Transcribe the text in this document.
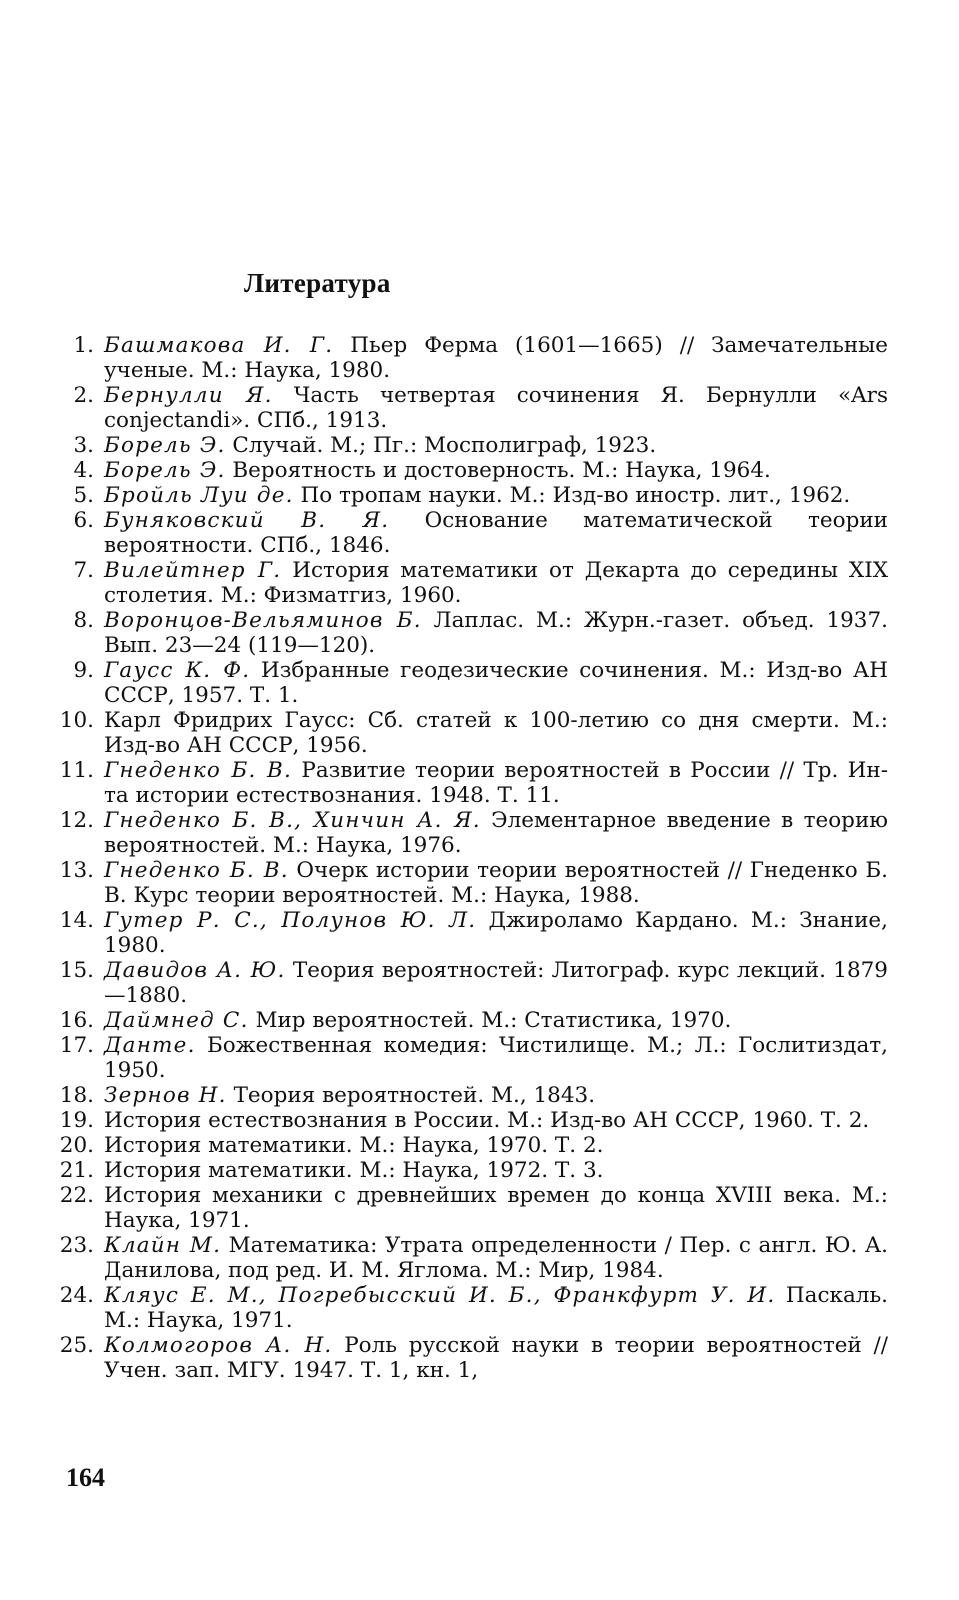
Литература
1. Башмакова И. Г. Пьер Ферма (1601—1665) // Замечательные ученые. М.: Наука, 1980.
2. Бернулли Я. Часть четвертая сочинения Я. Бернулли «Ars conjectandi». СПб., 1913.
3. Борель Э. Случай. М.; Пг.: Мосполиграф, 1923.
4. Борель Э. Вероятность и достоверность. М.: Наука, 1964.
5. Бройль Луи де. По тропам науки. М.: Изд-во иностр. лит., 1962.
6. Буняковский В. Я. Основание математической теории вероятности. СПб., 1846.
7. Вилейтнер Г. История математики от Декарта до середины XIX столетия. М.: Физматгиз, 1960.
8. Воронцов-Вельяминов Б. Лаплас. М.: Журн.-газет. объед. 1937. Вып. 23—24 (119—120).
9. Гаусс К. Ф. Избранные геодезические сочинения. М.: Изд-во АН СССР, 1957. Т. 1.
10. Карл Фридрих Гаусс: Сб. статей к 100-летию со дня смерти. М.: Изд-во АН СССР, 1956.
11. Гнеденко Б. В. Развитие теории вероятностей в России // Тр. Ин-та истории естествознания. 1948. Т. 11.
12. Гнеденко Б. В., Хинчин А. Я. Элементарное введение в теорию вероятностей. М.: Наука, 1976.
13. Гнеденко Б. В. Очерк истории теории вероятностей // Гнеденко Б. В. Курс теории вероятностей. М.: Наука, 1988.
14. Гутер Р. С., Полунов Ю. Л. Джироламо Кардано. М.: Знание, 1980.
15. Давидов А. Ю. Теория вероятностей: Литограф. курс лекций. 1879—1880.
16. Даймнед С. Мир вероятностей. М.: Статистика, 1970.
17. Данте. Божественная комедия: Чистилище. М.; Л.: Гослитиздат, 1950.
18. Зернов Н. Теория вероятностей. М., 1843.
19. История естествознания в России. М.: Изд-во АН СССР, 1960. Т. 2.
20. История математики. М.: Наука, 1970. Т. 2.
21. История математики. М.: Наука, 1972. Т. 3.
22. История механики с древнейших времен до конца XVIII века. М.: Наука, 1971.
23. Клайн М. Математика: Утрата определенности / Пер. с англ. Ю. А. Данилова, под ред. И. М. Яглома. М.: Мир, 1984.
24. Кляус Е. М., Погребысский И. Б., Франкфурт У. И. Паскаль. М.: Наука, 1971.
25. Колмогоров А. Н. Роль русской науки в теории вероятностей // Учен. зап. МГУ. 1947. Т. 1, кн. 1,
164
